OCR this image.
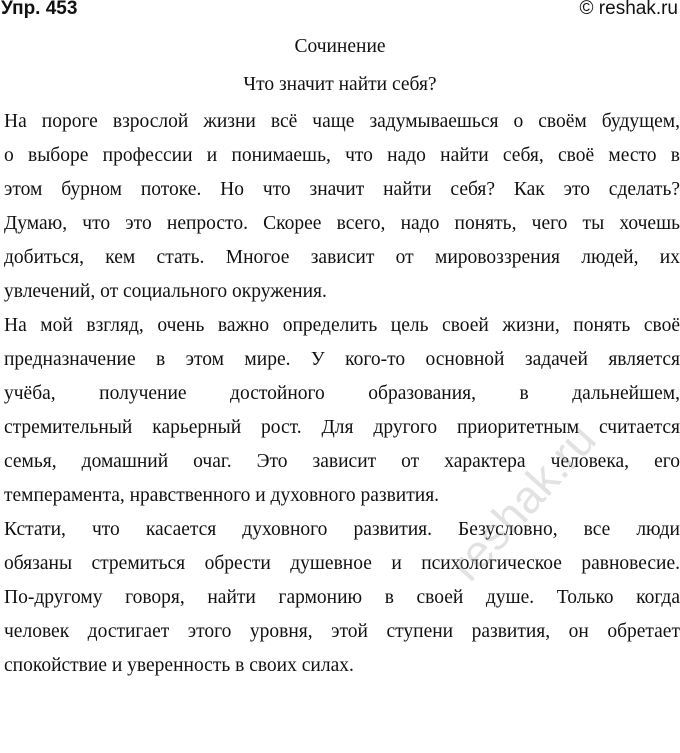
Упр. 453	© reshak.ru
Сочинение
Что значит найти себя?
На пороге взрослой жизни всё чаще задумываешься о своём будущем,
о выборе профессии и понимаешь, что надо найти себя, своё место в
этом бурном потоке. Но что значит найти себя? Как это сделать?
Думаю, что это непросто. Скорее всего, надо понять, чего ты хочешь
добиться, кем стать. Многое зависит от мировоззрения людей, их
увлечений, от социального окружения.
На мой взгляд, очень важно определить цель своей жизни, понять своё
предназначение в этом мире. У кого-то основной задачей является
учёба, получение достойного образования, в дальнейшем,
стремительный карьерный рост. Для другого приоритетным считается
семья, домашний очаг. Это зависит от характера человека, его
темперамента, нравственного и духовного развития.
Кстати, что касается духовного развития. Безусловно, все люди
обязаны стремиться обрести душевное и психологическое равновесие.
По-другому говоря, найти гармонию в своей душе. Только когда
человек достигает этого уровня, этой ступени развития, он обретает
спокойствие и уверенность в своих силах.
reshak.ru
